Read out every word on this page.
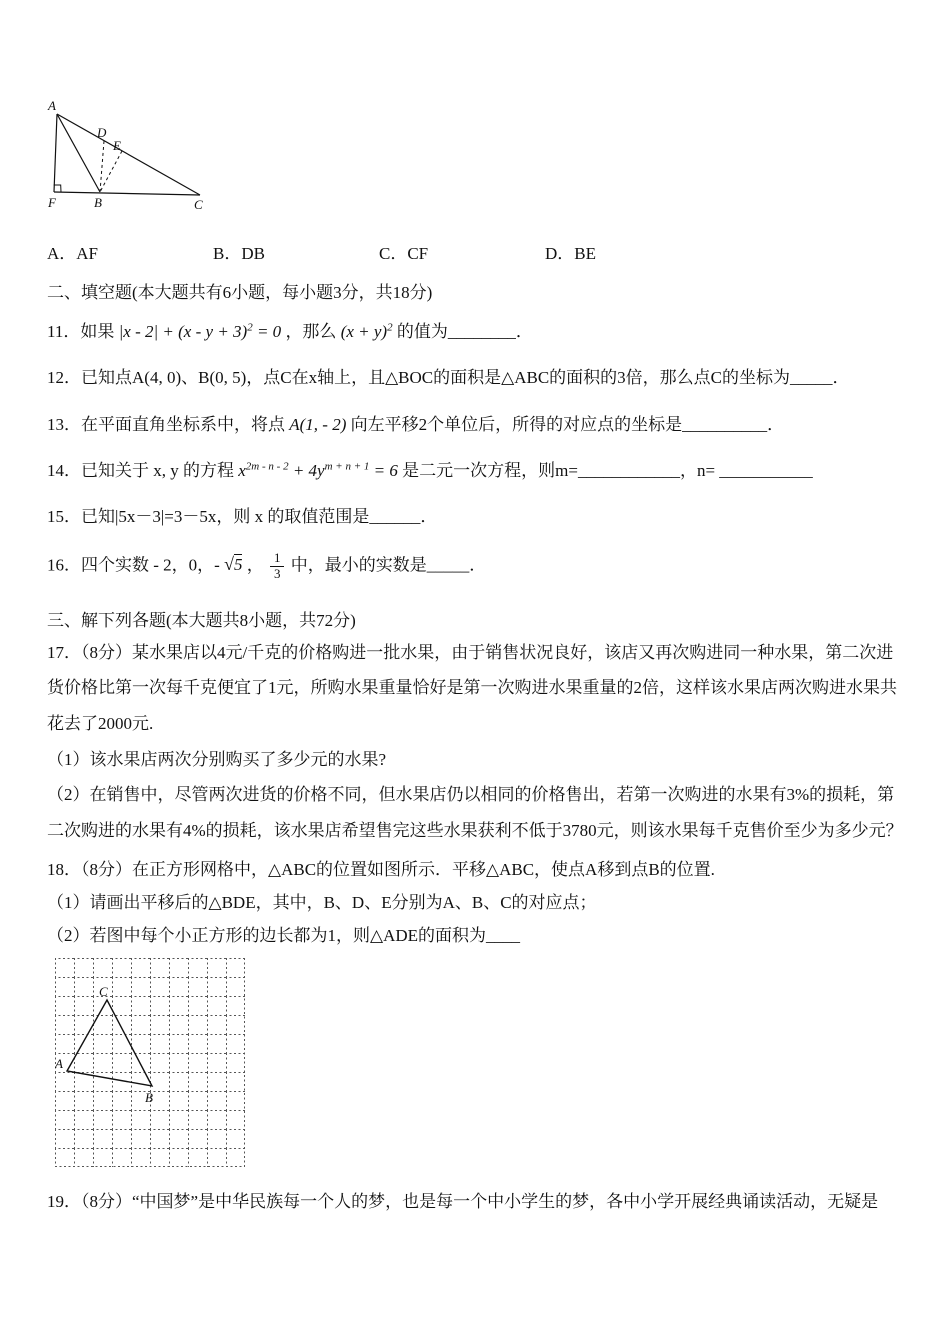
A
D
E
F	B	C
A．AF	B．DB	C．CF	D．BE
二、填空题(本大题共有6小题，每小题3分，共18分)
11．如果 $|x - 2| + (x - y + 3)^2 = 0$ ，那么 $(x + y)^2$ 的值为________．
12．已知点A(4, 0)、B(0, 5)，点C在x轴上，且△BOC的面积是△ABC的面积的3倍，那么点C的坐标为_____．
13．在平面直角坐标系中，将点 A(1, - 2) 向左平移2个单位后，所得的对应点的坐标是__________．
14．已知关于 x, y 的方程 $x^{2m - n - 2} + 4y^{m + n + 1} = 6$ 是二元一次方程，则m=____________，n= ___________
15．已知|5x－3|=3－5x，则 x 的取值范围是______．
16．四个实数 - 2，0，- √5 ， $\frac{1}{3}$ 中，最小的实数是_____．
三、解下列各题(本大题共8小题，共72分)
17．（8分）某水果店以4元/千克的价格购进一批水果，由于销售状况良好，该店又再次购进同一种水果，第二次进
货价格比第一次每千克便宜了1元，所购水果重量恰好是第一次购进水果重量的2倍，这样该水果店两次购进水果共
花去了2000元.
（1）该水果店两次分别购买了多少元的水果?
（2）在销售中，尽管两次进货的价格不同，但水果店仍以相同的价格售出，若第一次购进的水果有3%的损耗，第
二次购进的水果有4%的损耗，该水果店希望售完这些水果获利不低于3780元，则该水果每千克售价至少为多少元？
18．（8分）在正方形网格中，△ABC的位置如图所示．平移△ABC，使点A移到点B的位置.
（1）请画出平移后的△BDE，其中，B、D、E分别为A、B、C的对应点；
（2）若图中每个小正方形的边长都为1，则△ADE的面积为____
C
A
B
19．（8分）“中国梦”是中华民族每一个人的梦，也是每一个中小学生的梦，各中小学开展经典诵读活动，无疑是
